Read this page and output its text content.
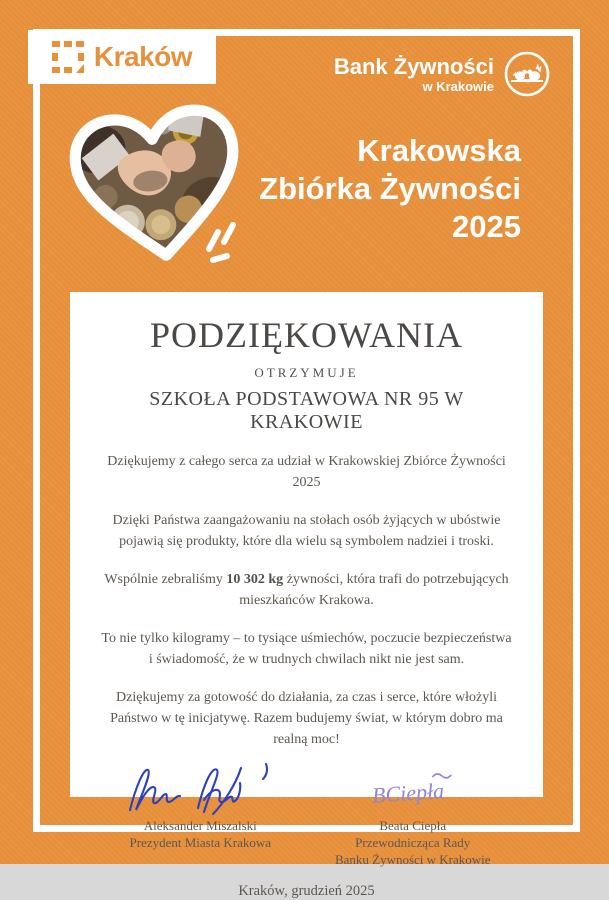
Kraków	Bank Żywności
w Krakowie
Krakowska
Zbiórka Żywności
2025
PODZIĘKOWANIA
OTRZYMUJE
SZKOŁA PODSTAWOWA NR 95 W KRAKOWIE

Dziękujemy z całego serca za udział w Krakowskiej Zbiórce Żywności 2025

Dzięki Państwa zaangażowaniu na stołach osób żyjących w ubóstwie pojawią się produkty, które dla wielu są symbolem nadziei i troski.

Wspólnie zebraliśmy 10 302 kg żywności, która trafi do potrzebujących mieszkańców Krakowa.

To nie tylko kilogramy – to tysiące uśmiechów, poczucie bezpieczeństwa i świadomość, że w trudnych chwilach nikt nie jest sam.

Dziękujemy za gotowość do działania, za czas i serce, które włożyli Państwo w tę inicjatywę. Razem budujemy świat, w którym dobro ma realną moc!

Aleksander Miszalski
Prezydent Miasta Krakowa
BCiepła
Beata Ciepła
Przewodnicząca Rady
Banku Żywności w Krakowie
Kraków, grudzień 2025
